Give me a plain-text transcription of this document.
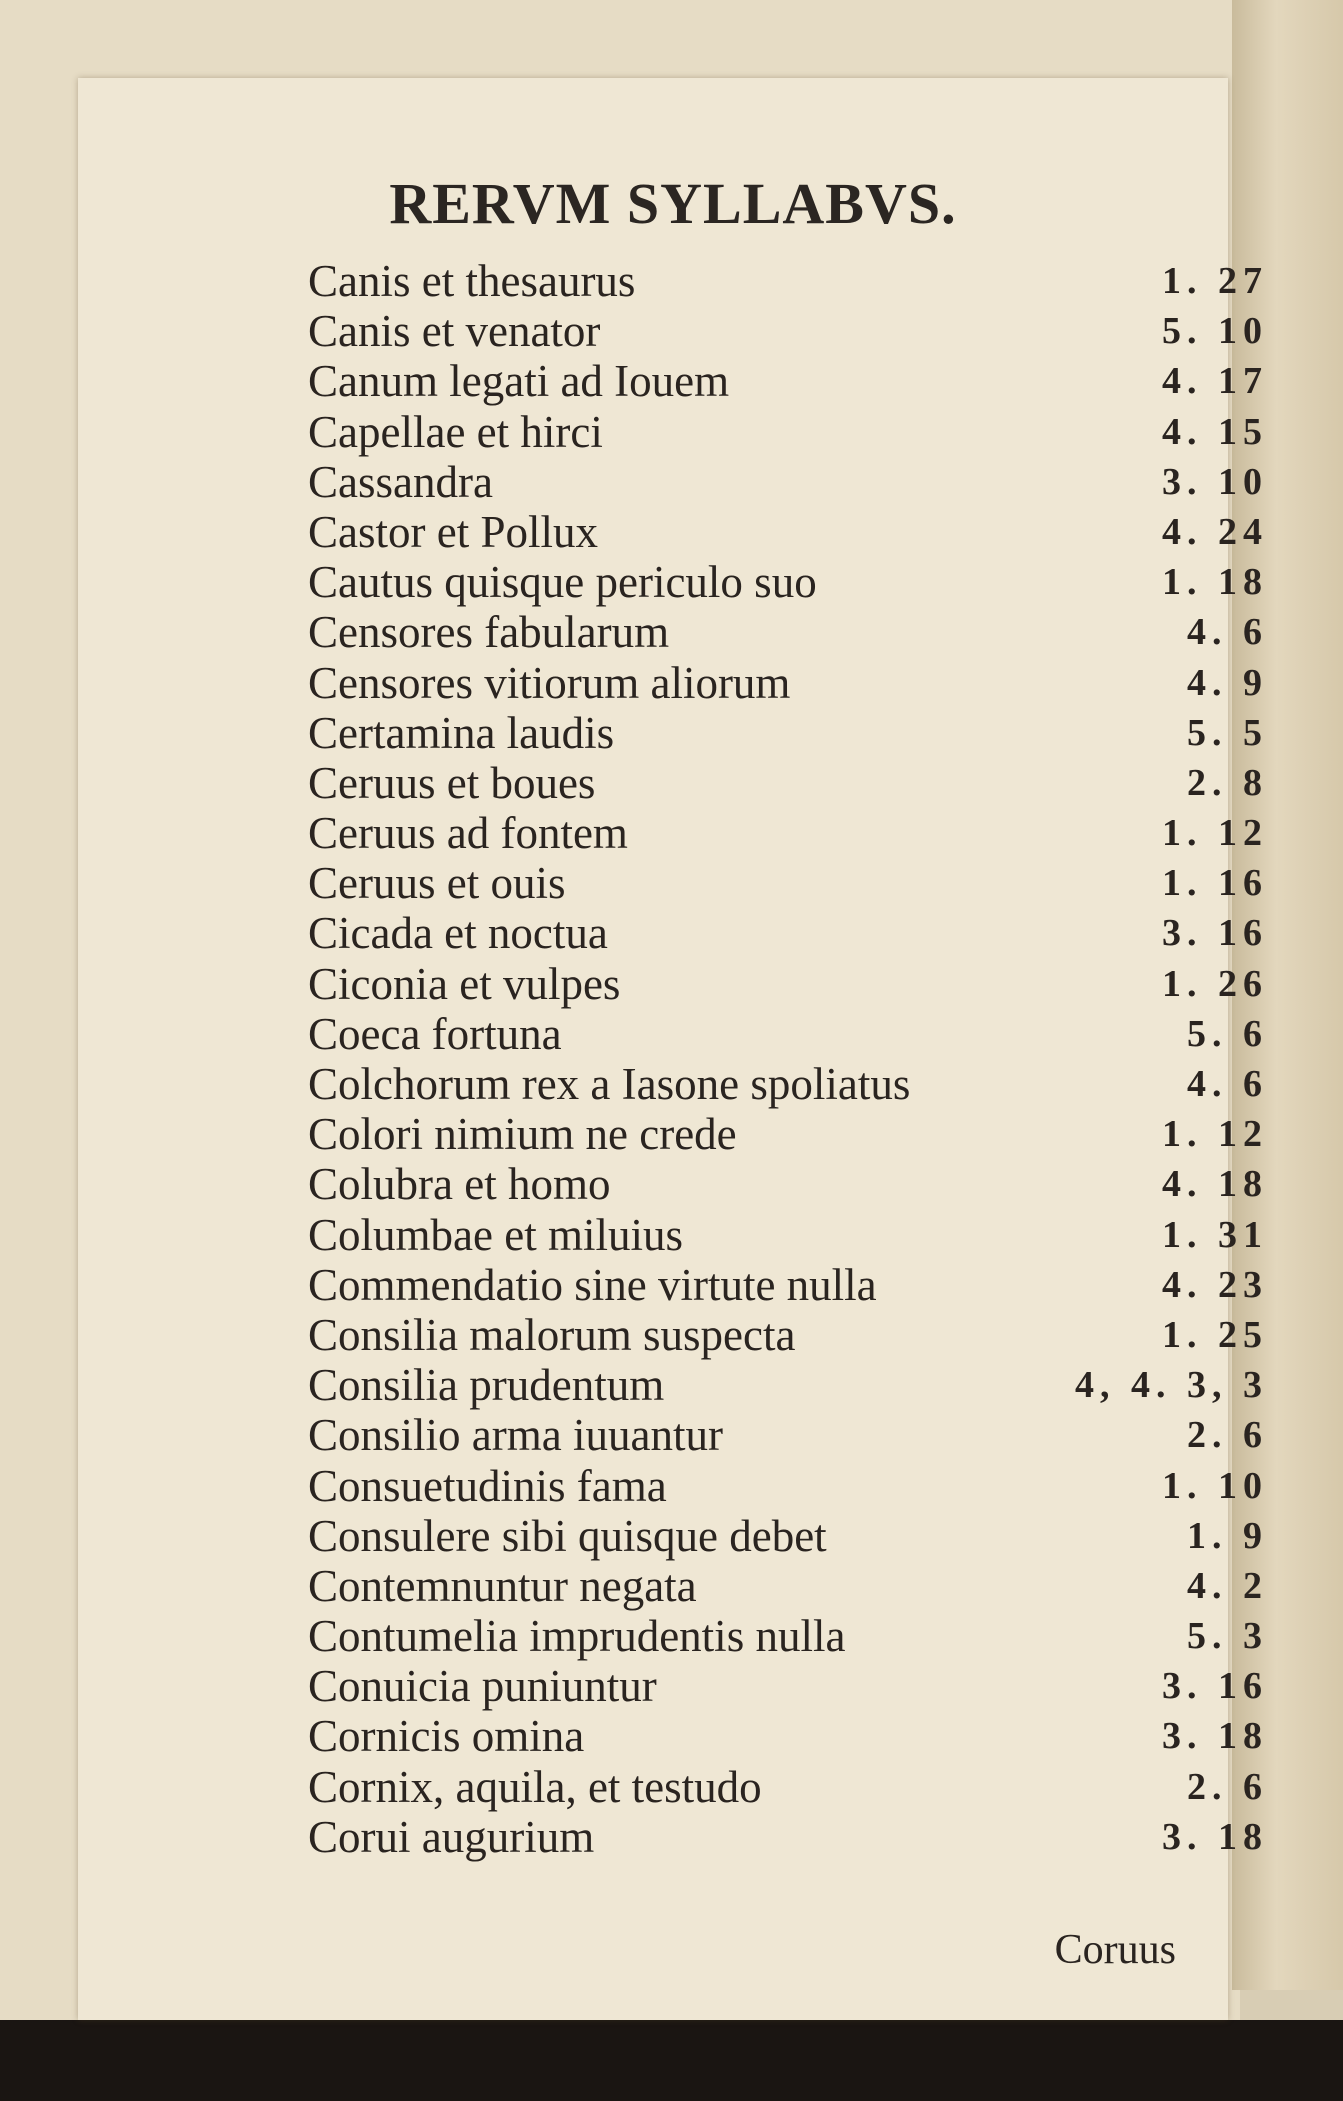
RERVM SYLLABVS.
Canis et thesaurus	1. 27
Canis et venator	5. 10
Canum legati ad Iouem	4. 17
Capellae et hirci	4. 15
Cassandra	3. 10
Castor et Pollux	4. 24
Cautus quisque periculo suo	1. 18
Censores fabularum	4. 6
Censores vitiorum aliorum	4. 9
Certamina laudis	5. 5
Ceruus et boues	2. 8
Ceruus ad fontem	1. 12
Ceruus et ouis	1. 16
Cicada et noctua	3. 16
Ciconia et vulpes	1. 26
Coeca fortuna	5. 6
Colchorum rex a Iasone spoliatus	4. 6
Colori nimium ne crede	1. 12
Colubra et homo	4. 18
Columbae et miluius	1. 31
Commendatio sine virtute nulla	4. 23
Consilia malorum suspecta	1. 25
Consilia prudentum	4, 4. 3, 3
Consilio arma iuuantur	2. 6
Consuetudinis fama	1. 10
Consulere sibi quisque debet	1. 9
Contemnuntur negata	4. 2
Contumelia imprudentis nulla	5. 3
Conuicia puniuntur	3. 16
Cornicis omina	3. 18
Cornix, aquila, et testudo	2. 6
Corui augurium	3. 18
Coruus
